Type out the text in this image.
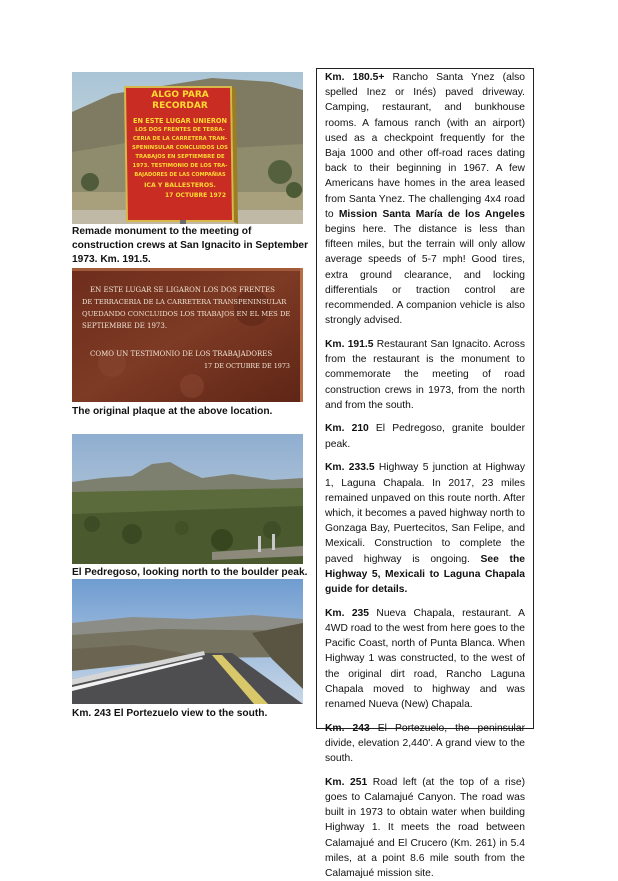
ALGO PARA RECORDAR
EN ESTE LUGAR UNIERON
LOS DOS FRENTES DE TERRA-
CERIA DE LA CARRETERA TRAN-
SPENINSULAR CONCLUIDOS LOS
TRABAJOS EN SEPTIEMBRE DE
1973. TESTIMONIO DE LOS TRA-
BAJADORES DE LAS COMPAÑIAS
ICA Y BALLESTEROS.
17 OCTUBRE 1972
Remade monument to the meeting of construction crews at San Ignacito in September 1973. Km. 191.5.
EN ESTE LUGAR SE LIGARON LOS DOS FRENTES
DE TERRACERIA DE LA CARRETERA TRANSPENINSULAR
QUEDANDO CONCLUIDOS LOS TRABAJOS EN EL MES DE
SEPTIEMBRE DE 1973.
COMO UN TESTIMONIO DE LOS TRABAJADORES
17 DE OCTUBRE DE 1973
The original plaque at the above location.
El Pedregoso, looking north to the boulder peak.
Km. 243 El Portezuelo view to the south.

Km. 180.5+ Rancho Santa Ynez (also spelled Inez or Inés) paved driveway. Camping, restaurant, and bunkhouse rooms. A famous ranch (with an airport) used as a checkpoint frequently for the Baja 1000 and other off-road races dating back to their beginning in 1967. A few Americans have homes in the area leased from Santa Ynez. The challenging 4x4 road to Mission Santa María de los Angeles begins here. The distance is less than fifteen miles, but the terrain will only allow average speeds of 5-7 mph! Good tires, extra ground clearance, and locking differentials or traction control are recommended. A companion vehicle is also strongly advised.

Km. 191.5 Restaurant San Ignacito. Across from the restaurant is the monument to commemorate the meeting of road construction crews in 1973, from the north and from the south.

Km. 210 El Pedregoso, granite boulder peak.

Km. 233.5 Highway 5 junction at Highway 1, Laguna Chapala. In 2017, 23 miles remained unpaved on this route north. After which, it becomes a paved highway north to Gonzaga Bay, Puertecitos, San Felipe, and Mexicali. Construction to complete the paved highway is ongoing. See the Highway 5, Mexicali to Laguna Chapala guide for details.

Km. 235 Nueva Chapala, restaurant. A 4WD road to the west from here goes to the Pacific Coast, north of Punta Blanca. When Highway 1 was constructed, to the west of the original dirt road, Rancho Laguna Chapala moved to highway and was renamed Nueva (New) Chapala.

Km. 243 El Portezuelo, the peninsular divide, elevation 2,440'. A grand view to the south.

Km. 251 Road left (at the top of a rise) goes to Calamajué Canyon. The road was built in 1973 to obtain water when building Highway 1. It meets the road between Calamajué and El Crucero (Km. 261) in 5.4 miles, at a point 8.6 mile south from the Calamajué mission site.
